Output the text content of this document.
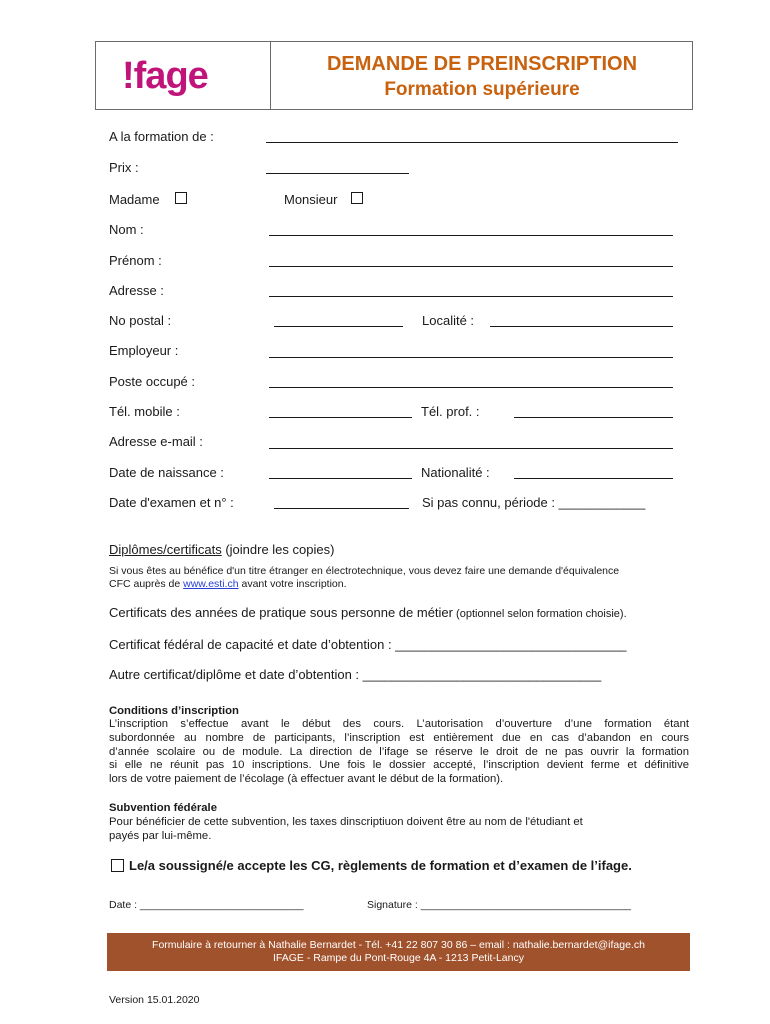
!fage	DEMANDE DE PREINSCRIPTION
Formation supérieure
A la formation de :
Prix :
Madame	Monsieur
Nom :
Prénom :
Adresse :
No postal :	Localité :
Employeur :
Poste occupé :
Tél. mobile :	Tél. prof. :
Adresse e-mail :
Date de naissance :	Nationalité :
Date d'examen et n° :	Si pas connu, période : ____________
Diplômes/certificats (joindre les copies)
Si vous êtes au bénéfice d'un titre étranger en électrotechnique, vous devez faire une demande d'équivalence
CFC auprès de www.esti.ch avant votre inscription.
Certificats des années de pratique sous personne de métier (optionnel selon formation choisie).
Certificat fédéral de capacité et date d’obtention : ________________________________
Autre certificat/diplôme et date d’obtention : _________________________________
Conditions d’inscription
L’inscription s’effectue avant le début des cours. L’autorisation d’ouverture d’une formation étant
subordonnée au nombre de participants, l’inscription est entièrement due en cas d’abandon en cours
d’année scolaire ou de module. La direction de l’ifage se réserve le droit de ne pas ouvrir la formation
si elle ne réunit pas 10 inscriptions. Une fois le dossier accepté, l’inscription devient ferme et définitive
lors de votre paiement de l’écolage (à effectuer avant le début de la formation).
Subvention fédérale
Pour bénéficier de cette subvention, les taxes dinscriptiuon doivent être au nom de l'étudiant et
payés par lui-même.
Le/a soussigné/e accepte les CG, règlements de formation et d’examen de l’ifage.
Date : ____________________________	Signature : ____________________________________
Formulaire à retourner à Nathalie Bernardet - Tél. +41 22 807 30 86 – email : nathalie.bernardet@ifage.ch
IFAGE - Rampe du Pont-Rouge 4A - 1213 Petit-Lancy
Version 15.01.2020
